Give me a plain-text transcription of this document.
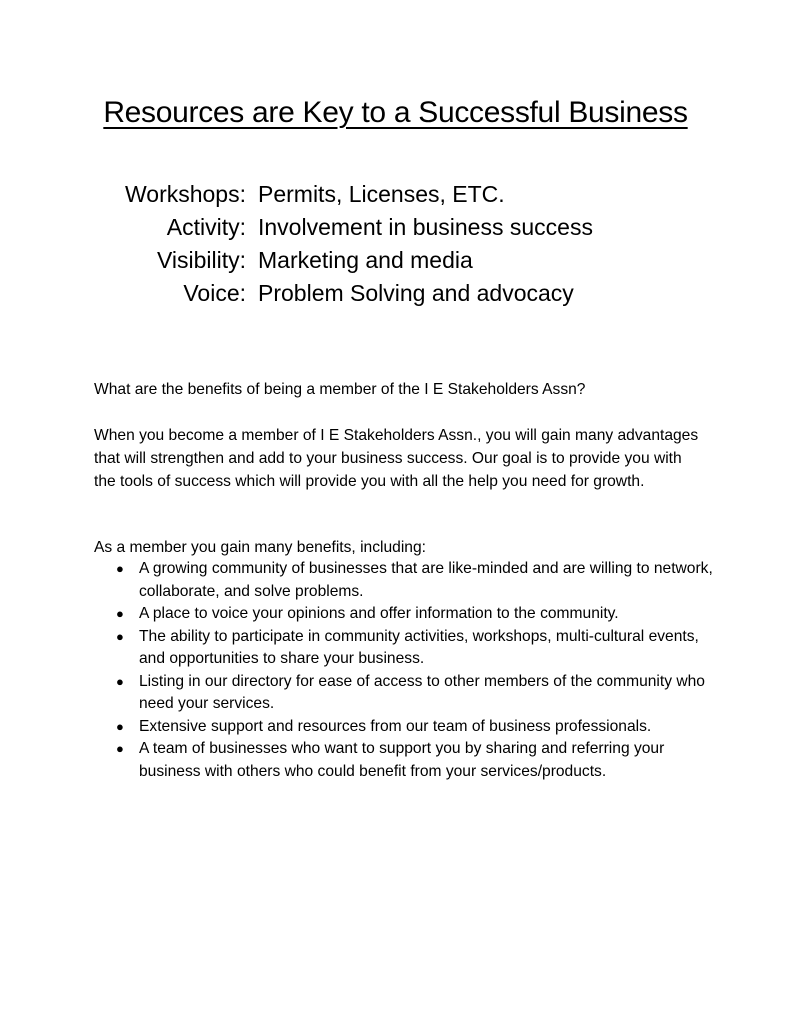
Resources are Key to a Successful Business
Workshops: Permits, Licenses, ETC.
Activity: Involvement in business success
Visibility: Marketing and media
Voice: Problem Solving and advocacy

What are the benefits of being a member of the I E Stakeholders Assn?

When you become a member of I E Stakeholders Assn., you will gain many advantages that will strengthen and add to your business success. Our goal is to provide you with the tools of success which will provide you with all the help you need for growth.

As a member you gain many benefits, including:

● A growing community of businesses that are like-minded and are willing to network, collaborate, and solve problems.
● A place to voice your opinions and offer information to the community.
● The ability to participate in community activities, workshops, multi-cultural events, and opportunities to share your business.
● Listing in our directory for ease of access to other members of the community who need your services.
● Extensive support and resources from our team of business professionals.
● A team of businesses who want to support you by sharing and referring your business with others who could benefit from your services/products.
